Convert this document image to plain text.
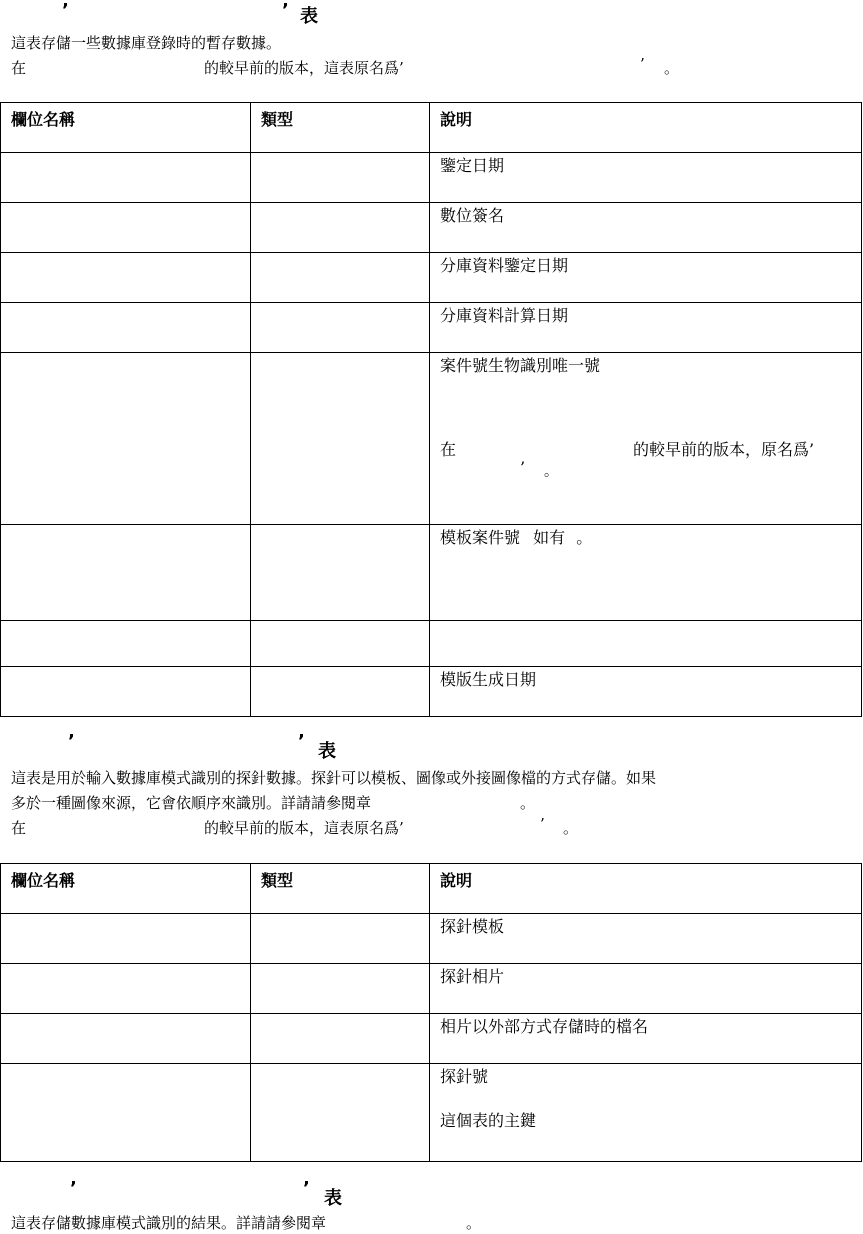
’	’ 表
這表存儲一些數據庫登錄時的暫存數據。
在	的較早前的版本，這表原名爲’	’ 。
欄位名稱	類型	說明
		鑒定日期
		數位簽名
		分庫資料鑒定日期
		分庫資料計算日期
		案件號生物識別唯一號
在 的較早前的版本，原名爲’
’ 。

		模板案件號 如有 。

		模版生成日期
’	’ 表
這表是用於輸入數據庫模式識別的探針數據。探針可以模板、圖像或外接圖像檔的方式存儲。如果
多於一種圖像來源，它會依順序來識別。詳請請參閱章	。
在	的較早前的版本，這表原名爲’	’ 。
欄位名稱	類型	說明
		探針模板
		探針相片
		相片以外部方式存儲時的檔名
		探針號
這個表的主鍵
’	’ 表
這表存儲數據庫模式識別的結果。詳請請參閱章	。
